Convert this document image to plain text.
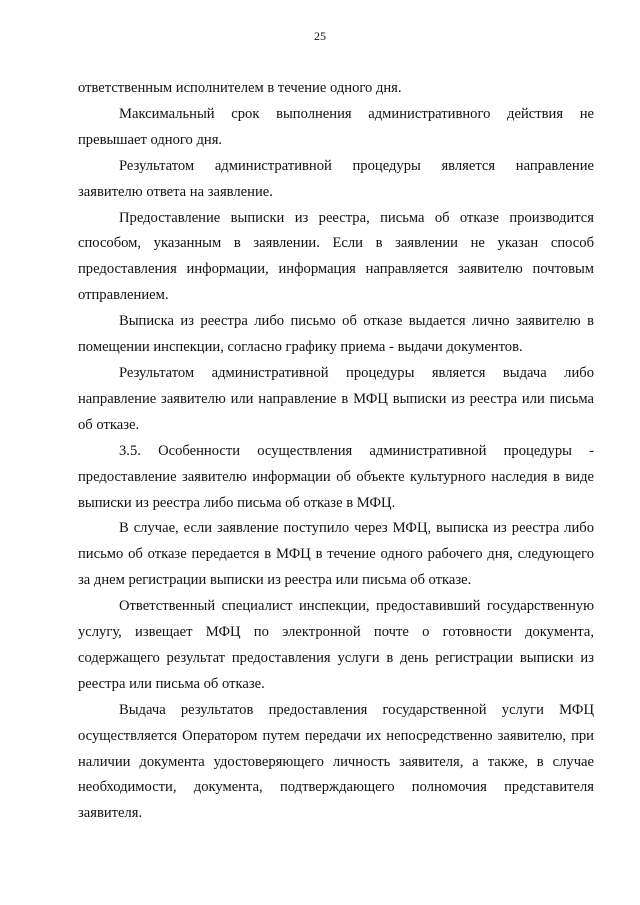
25

ответственным исполнителем в течение одного дня.

Максимальный срок выполнения административного действия не превышает одного дня.

Результатом административной процедуры является направление заявителю ответа на заявление.

Предоставление выписки из реестра, письма об отказе производится способом, указанным в заявлении. Если в заявлении не указан способ предоставления информации, информация направляется заявителю почтовым отправлением.

Выписка из реестра либо письмо об отказе выдается лично заявителю в помещении инспекции, согласно графику приема - выдачи документов.

Результатом административной процедуры является выдача либо направление заявителю или направление в МФЦ выписки из реестра или письма об отказе.

3.5. Особенности осуществления административной процедуры - предоставление заявителю информации об объекте культурного наследия в виде выписки из реестра либо письма об отказе в МФЦ.

В случае, если заявление поступило через МФЦ, выписка из реестра либо письмо об отказе передается в МФЦ в течение одного рабочего дня, следующего за днем регистрации выписки из реестра или письма об отказе.

Ответственный специалист инспекции, предоставивший государственную услугу, извещает МФЦ по электронной почте о готовности документа, содержащего результат предоставления услуги в день регистрации выписки из реестра или письма об отказе.

Выдача результатов предоставления государственной услуги МФЦ осуществляется Оператором путем передачи их непосредственно заявителю, при наличии документа удостоверяющего личность заявителя, а также, в случае необходимости, документа, подтверждающего полномочия представителя заявителя.
